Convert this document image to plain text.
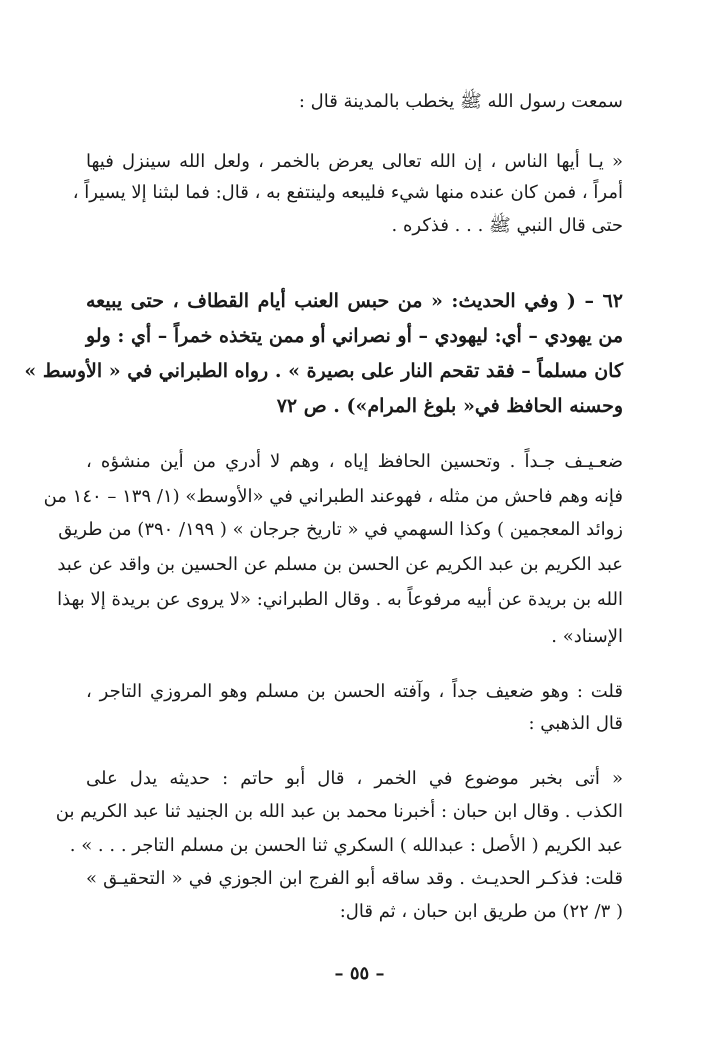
سمعت رسول الله ﷺ يخطب بالمدينة قال :
« يـا أيها الناس ، إن الله تعالى يعرض بالخمر ، ولعل الله سينزل فيها
أمراً ، فمن كان عنده منها شيء فليبعه ولينتفع به ، قال: فما لبثنا إلا يسيراً ،
حتى قال النبي ﷺ . . . فذكره .
٦٢ – ( وفي الحديث: « من حبس العنب أيام القطاف ، حتى يبيعه
من يهودي – أي: ليهودي – أو نصراني أو ممن يتخذه خمراً – أي : ولو
كان مسلماً – فقد تقحم النار على بصيرة » . رواه الطبراني في « الأوسط »
وحسنه الحافظ في« بلوغ المرام») . ص ٧٢
ضعـيـف جـداً . وتحسين الحافظ إياه ، وهم لا أدري من أين منشؤه ،
فإنه وهم فاحش من مثله ، فهوعند الطبراني في «الأوسط» (١/ ١٣٩ – ١٤٠ من
زوائد المعجمين ) وكذا السهمي في « تاريخ جرجان » ( ١٩٩/ ٣٩٠) من طريق
عبد الكريم بن عبد الكريم عن الحسن بن مسلم عن الحسين بن واقد عن عبد
الله بن بريدة عن أبيه مرفوعاً به . وقال الطبراني: «لا يروى عن بريدة إلا بهذا
الإسناد» .
قلت : وهو ضعيف جداً ، وآفته الحسن بن مسلم وهو المروزي التاجر ،
قال الذهبي :
« أتى بخبر موضوع في الخمر ، قال أبو حاتم : حديثه يدل على
الكذب . وقال ابن حبان : أخبرنا محمد بن عبد الله بن الجنيد ثنا عبد الكريم بن
عبد الكريم ( الأصل : عبدالله ) السكري ثنا الحسن بن مسلم التاجر . . . » .
قلت: فذكـر الحديـث . وقد ساقه أبو الفرج ابن الجوزي في « التحقيـق »
( ٣/ ٢٢) من طريق ابن حبان ، ثم قال:
– ٥٥ –
